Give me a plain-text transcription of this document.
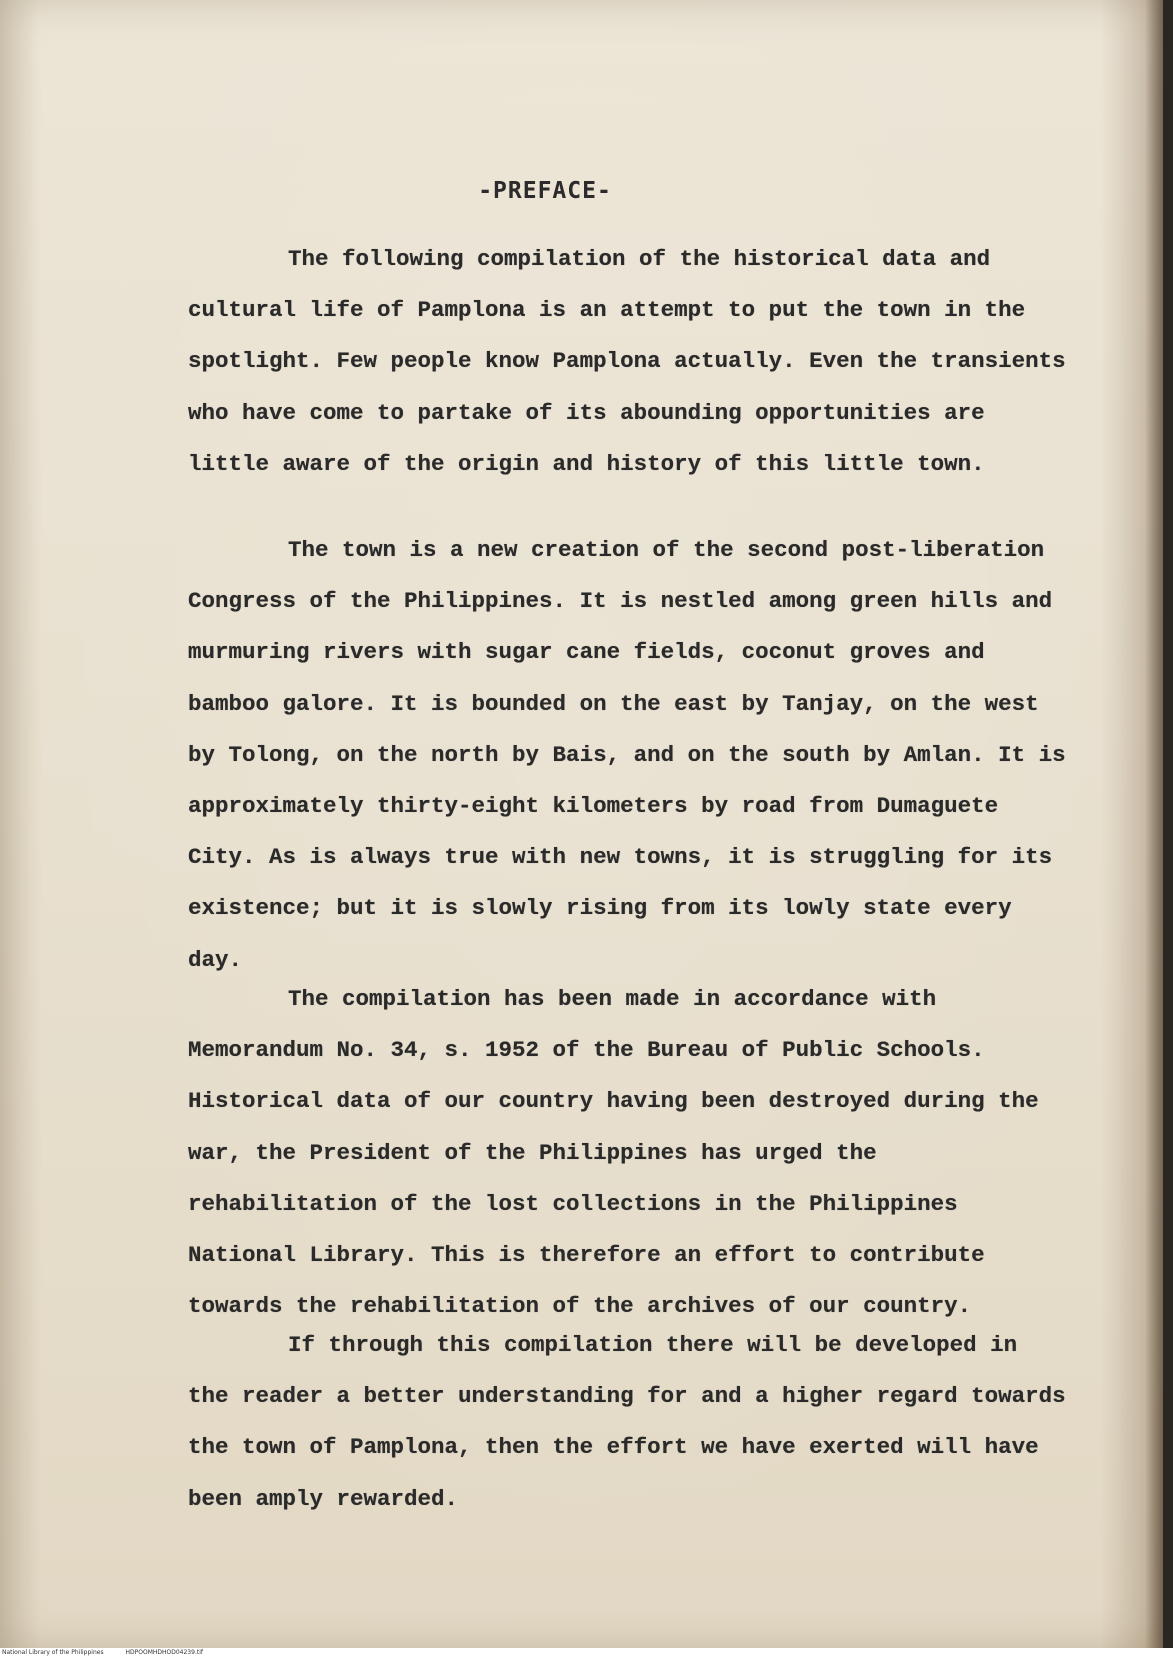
-PREFACE-

The following compilation of the historical data and cultural life of Pamplona is an attempt to put the town in the spotlight. Few people know Pamplona actually. Even the transients who have come to partake of its abounding opportunities are little aware of the origin and history of this little town.

The town is a new creation of the second post-liberation Congress of the Philippines. It is nestled among green hills and murmuring rivers with sugar cane fields, coconut groves and bamboo galore. It is bounded on the east by Tanjay, on the west by Tolong, on the north by Bais, and on the south by Amlan. It is approximately thirty-eight kilometers by road from Dumaguete City. As is always true with new towns, it is struggling for its existence; but it is slowly rising from its lowly state every day.

The compilation has been made in accordance with Memorandum No. 34, s. 1952 of the Bureau of Public Schools. Historical data of our country having been destroyed during the war, the President of the Philippines has urged the rehabilitation of the lost collections in the Philippines National Library. This is therefore an effort to contribute towards the rehabilitation of the archives of our country.

If through this compilation there will be developed in the reader a better understanding for and a higher regard towards the town of Pamplona, then the effort we have exerted will have been amply rewarded.

National Library of the Philippines	HDPOOMHDHOD04239.tif
